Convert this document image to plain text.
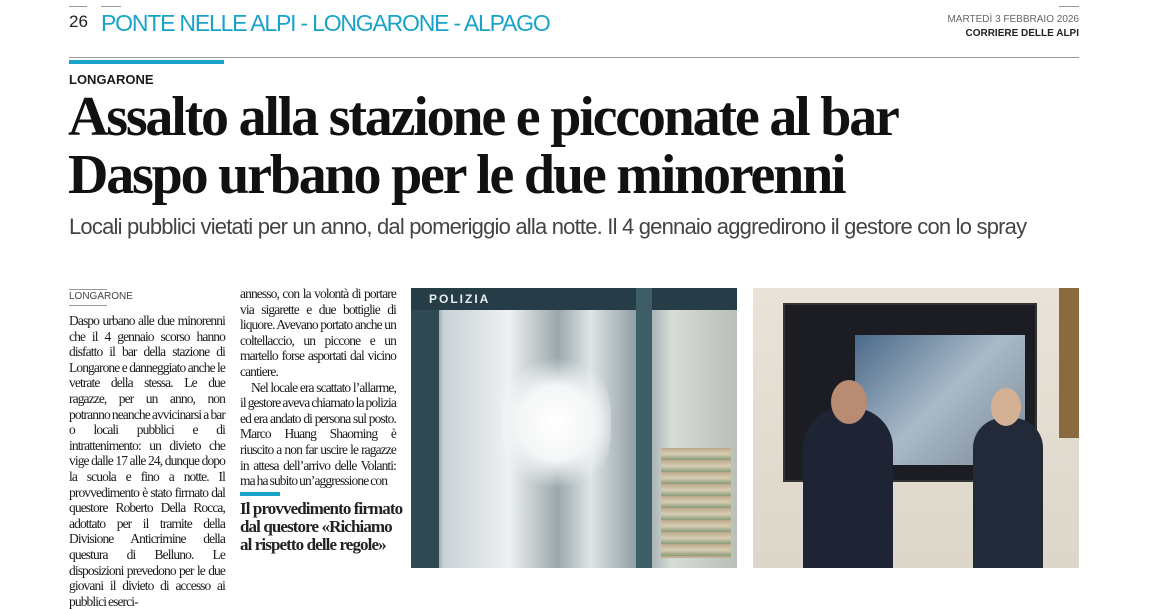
26 PONTE NELLE ALPI - LONGARONE - ALPAGO	MARTEDÌ 3 FEBBRAIO 2026
CORRIERE DELLE ALPI
LONGARONE
Assalto alla stazione e picconate al bar
Daspo urbano per le due minorenni
Locali pubblici vietati per un anno, dal pomeriggio alla notte. Il 4 gennaio aggredirono il gestore con lo spray
LONGARONE

Daspo urbano alle due minorenni che il 4 gennaio scorso hanno disfatto il bar della stazione di Longarone e danneggiato anche le vetrate della stessa. Le due ragazze, per un anno, non potranno neanche avvicinarsi a bar o locali pubblici e di intrattenimento: un divieto che vige dalle 17 alle 24, dunque dopo la scuola e fino a notte. Il provvedimento è stato firmato dal questore Roberto Della Rocca, adottato per il tramite della Divisione Anticrimine della questura di Belluno. Le disposizioni prevedono per le due giovani il divieto di accesso ai pubblici eserci-

annesso, con la volontà di portare via sigarette e due bottiglie di liquore. Avevano portato anche un coltellaccio, un piccone e un martello forse asportati dal vicino cantiere.

Nel locale era scattato l’allarme, il gestore aveva chiamato la polizia ed era andato di persona sul posto. Marco Huang Shaoming è riuscito a non far uscire le ragazze in attesa dell’arrivo delle Volanti: ma ha subito un’aggressione con

Il provvedimento firmato dal questore «Richiamo al rispetto delle regole»
POLIZIA
